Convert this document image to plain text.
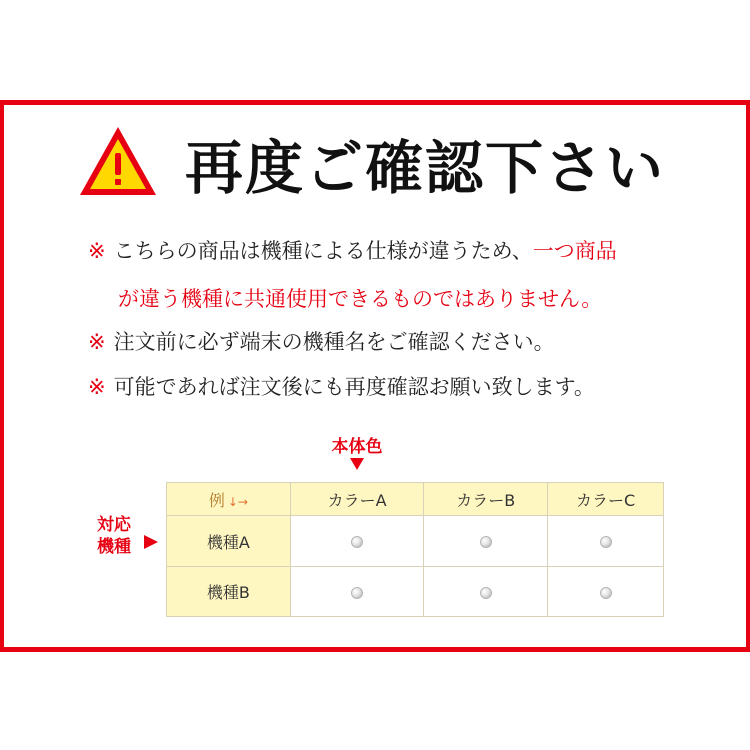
再度ご確認下さい
※ こちらの商品は機種による仕様が違うため、一つ商品
が違う機種に共通使用できるものではありません。
※ 注文前に必ず端末の機種名をご確認ください。
※ 可能であれば注文後にも再度確認お願い致します。
本体色
対応
機種
例 ↓→	カラーA	カラーB	カラーC
機種A			
機種B			
